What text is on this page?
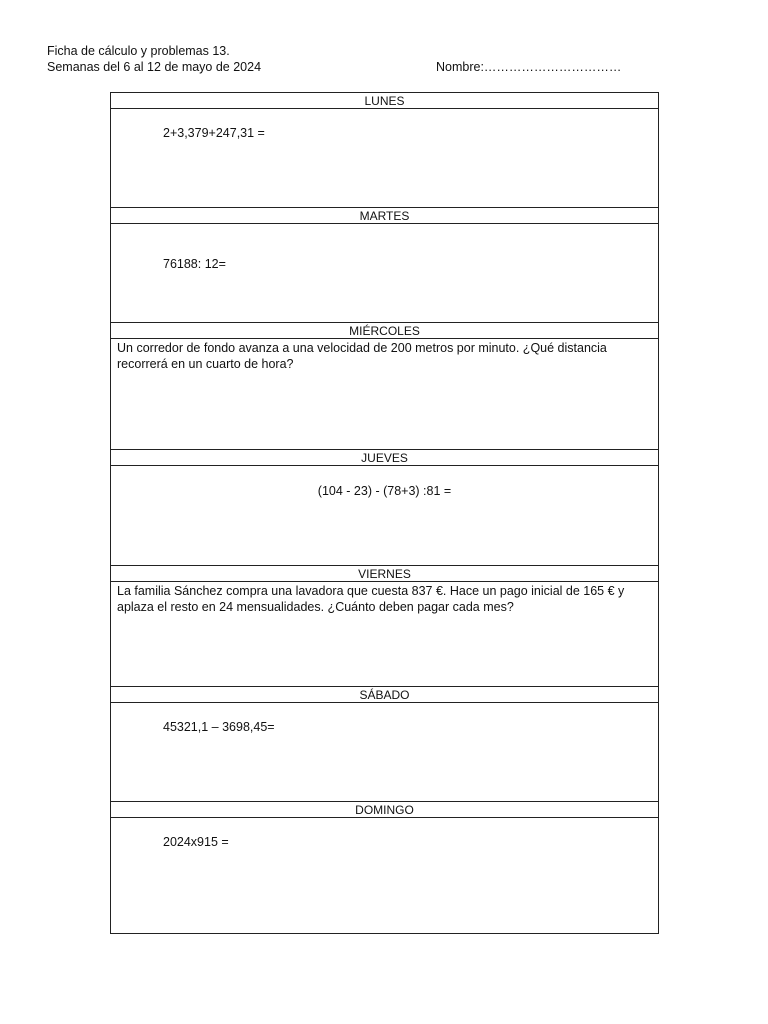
Ficha de cálculo y problemas 13.
Semanas del 6 al 12 de mayo de 2024	Nombre:……………………………
LUNES
2+3,379+247,31 =
MARTES
76188: 12=
MIÉRCOLES
Un corredor de fondo avanza a una velocidad de 200 metros por minuto. ¿Qué distancia recorrerá en un cuarto de hora?
JUEVES
(104 - 23) - (78+3) :81 =
VIERNES
La familia Sánchez compra una lavadora que cuesta 837 €. Hace un pago inicial de 165 € y aplaza el resto en 24 mensualidades. ¿Cuánto deben pagar cada mes?
SÁBADO
45321,1 – 3698,45=
DOMINGO
2024x915 =
